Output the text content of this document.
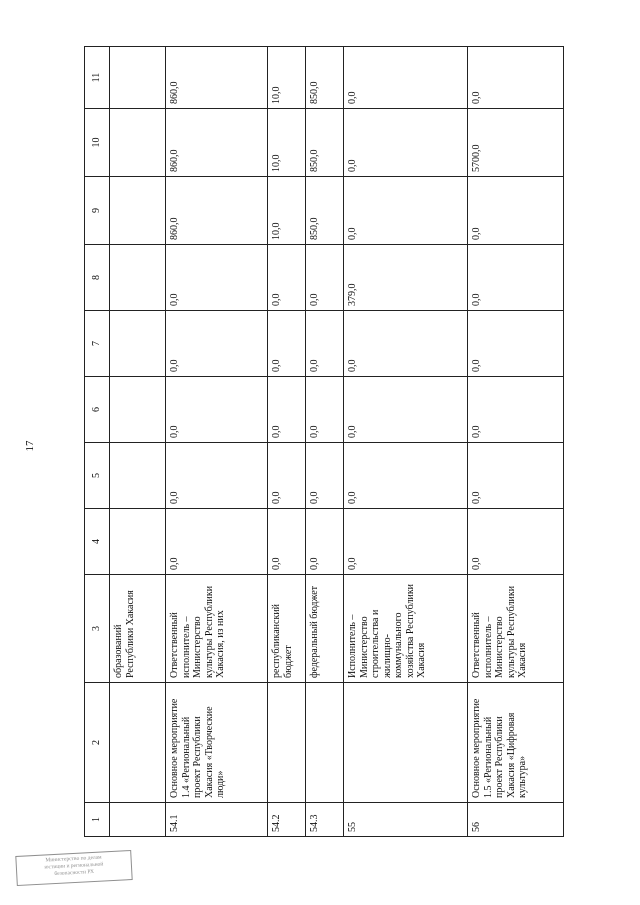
17
1	2	3	4	5	6	7	8	9	10	11
		образований Республики Хакасия								
54.1	Основное мероприятие 1.4 «Региональный проект Республики Хакасия «Творческие люди»	Ответственный исполнитель – Министерство культуры Республики Хакасия, из них	0,0	0,0	0,0	0,0	0,0	860,0	860,0	860,0
54.2		республиканский бюджет	0,0	0,0	0,0	0,0	0,0	10,0	10,0	10,0
54.3		федеральный бюджет	0,0	0,0	0,0	0,0	0,0	850,0	850,0	850,0
55		Исполнитель – Министерство строительства и жилищно-коммунального хозяйства Республики Хакасия	0,0	0,0	0,0	0,0	379,0	0,0	0,0	0,0
56	Основное мероприятие 1.5 «Региональный проект Республики Хакасия «Цифровая культура»	Ответственный исполнитель – Министерство культуры Республики Хакасия	0,0	0,0	0,0	0,0	0,0	0,0	5700,0	0,0
Министерство по делам
юстиции и региональной
безопасности РХ
